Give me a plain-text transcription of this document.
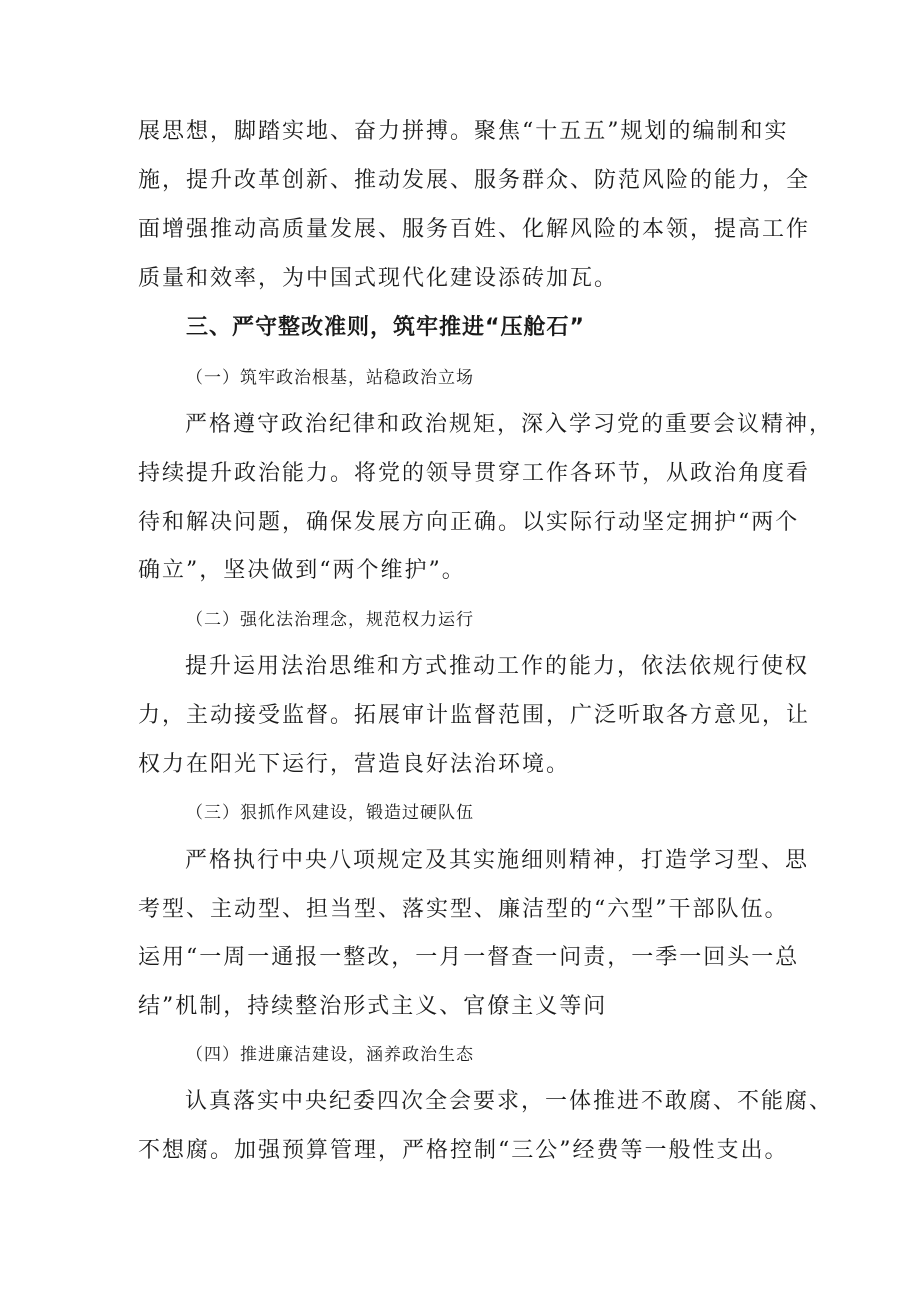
展思想，脚踏实地、奋力拼搏。聚焦“十五五”规划的编制和实
施，提升改革创新、推动发展、服务群众、防范风险的能力，全
面增强推动高质量发展、服务百姓、化解风险的本领，提高工作
质量和效率，为中国式现代化建设添砖加瓦。
三、严守整改准则，筑牢推进“压舱石”
（一）筑牢政治根基，站稳政治立场
严格遵守政治纪律和政治规矩，深入学习党的重要会议精神，
持续提升政治能力。将党的领导贯穿工作各环节，从政治角度看
待和解决问题，确保发展方向正确。以实际行动坚定拥护“两个
确立”，坚决做到“两个维护”。
（二）强化法治理念，规范权力运行
提升运用法治思维和方式推动工作的能力，依法依规行使权
力，主动接受监督。拓展审计监督范围，广泛听取各方意见，让
权力在阳光下运行，营造良好法治环境。
（三）狠抓作风建设，锻造过硬队伍
严格执行中央八项规定及其实施细则精神，打造学习型、思
考型、主动型、担当型、落实型、廉洁型的“六型”干部队伍。
运用“一周一通报一整改，一月一督查一问责，一季一回头一总
结”机制，持续整治形式主义、官僚主义等问
（四）推进廉洁建设，涵养政治生态
认真落实中央纪委四次全会要求，一体推进不敢腐、不能腐、
不想腐。加强预算管理，严格控制“三公”经费等一般性支出。
